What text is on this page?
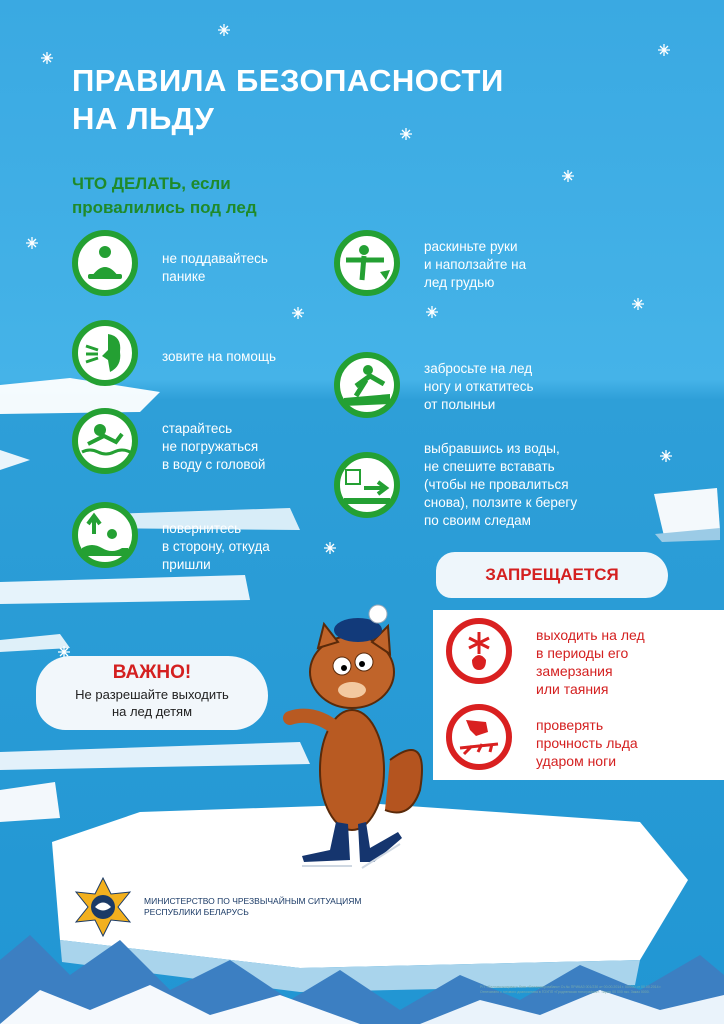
ПРАВИЛА БЕЗОПАСНОСТИ
НА ЛЬДУ
ЧТО ДЕЛАТЬ, если
провалились под лед
не поддавайтесь
панике
зовите на помощь
старайтесь
не погружаться
в воду с головой
повернитесь
в сторону, откуда
пришли
раскиньте руки
и наползайте на
лед грудью
забросьте на лед
ногу и откатитесь
от полыньи
выбравшись из воды,
не спешите вставать
(чтобы не провалиться
снова), ползите к берегу
по своим следам
ЗАПРЕЩАЕТСЯ
выходить на лед
в периоды его
замерзания
или таяния
проверять
прочность льда
ударом ноги
ВАЖНО!
Не разрешайте выходить
на лед детям
МИНИСТЕРСТВО ПО ЧРЕЗВЫЧАЙНЫМ СИТУАЦИЯМ
РЕСПУБЛИКИ БЕЛАРУСЬ
Р/Т «Белтаможсервис» банк «Белагропромбанк» Сч.№ ПРИКАЗ 001/230 от 00.00.2014 г. 00/000 от 00.00.2014 г.
Отпечатано с готового диапозитива в ГОУПП «Гродненская типография». Тираж 00 000 экз. Заказ 0000.
